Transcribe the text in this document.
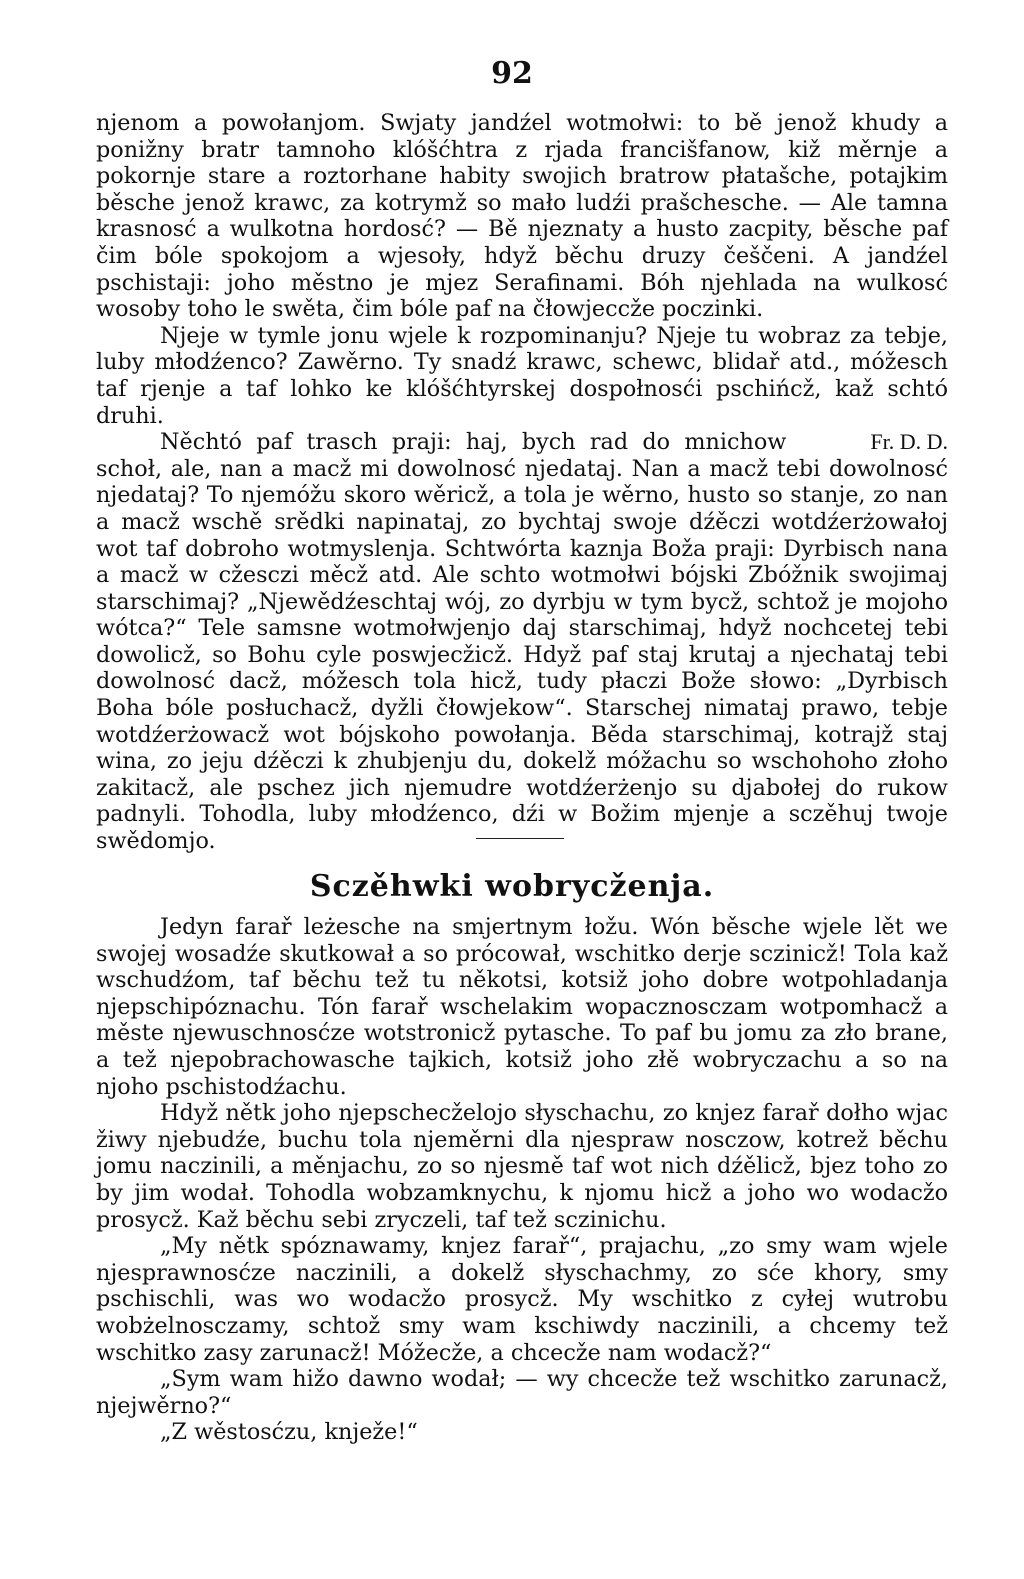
92

njenom a powołanjom. Swjaty jandźel wotmołwi: to bě jenož khudy a ponižny bratr tamnoho klóšćhtra z rjada francišfanow, kiž měrnje a pokornje stare a roztorhane habity swojich bratrow płatašche, potajkim běsche jenož krawc, za kotrymž so mało ludźi prašchesche. — Ale tamna krasnosć a wulkotna hordosć? — Bě njeznaty a husto zacpity, běsche paf čim bóle spokojom a wjesoły, hdyž běchu druzy češčeni. A jandźel pschistaji: joho městno je mjez Serafinami. Bóh njehlada na wulkosć wosoby toho le swěta, čim bóle paf na čłowjeccže poczinki.

Njeje w tymle jonu wjele k rozpominanju? Njeje tu wobraz za tebje, luby młodźenco? Zawěrno. Ty snadź krawc, schewc, blidař atd., móžesch taf rjenje a taf lohko ke klóšćhtyrskej dospołnosći pschińcž, kaž schtó druhi.

Fr. D. D.
Něchtó paf trasch praji: haj, bych rad do mnichow schoł, ale, nan a macž mi dowolnosć njedataj. Nan a macž tebi dowolnosć njedataj? To njemóžu skoro wěricž, a tola je wěrno, husto so stanje, zo nan a macž wschě srědki napinataj, zo bychtaj swoje dźěczi wotdźerżowałoj wot taf dobroho wotmyslenja. Schtwórta kaznja Boža praji: Dyrbisch nana a macž w cžesczi měcž atd. Ale schto wotmołwi bójski Zbóžnik swojimaj starschimaj? „Njewědźeschtaj wój, zo dyrbju w tym bycž, schtož je mojoho wótca?“ Tele samsne wotmołwjenjo daj starschimaj, hdyž nochcetej tebi dowolicž, so Bohu cyle poswjecžicž. Hdyž paf staj krutaj a njechataj tebi dowolnosć dacž, móžesch tola hicž, tudy płaczi Bože słowo: „Dyrbisch Boha bóle posłuchacž, dyžli čłowjekow“. Starschej nimataj prawo, tebje wotdźerżowacž wot bójskoho powołanja. Běda starschimaj, kotrajž staj wina, zo jeju dźěczi k zhubjenju du, dokelž móžachu so wschohoho złoho zakitacž, ale pschez jich njemudre wotdźerżenjo su djabołej do rukow padnyli. Tohodla, luby młodźenco, dźi w Božim mjenje a sczěhuj twoje swědomjo.

Sczěhwki wobrycženja.

Jedyn farař leżesche na smjertnym łožu. Wón běsche wjele lět we swojej wosadźe skutkował a so prócował, wschitko derje sczinicž! Tola kaž wschudźom, taf běchu tež tu někotsi, kotsiž joho dobre wotpohladanja njepschipóznachu. Tón farař wschelakim wopacznosczam wotpomhacž a měste njewuschnosćze wotstronicž pytasche. To paf bu jomu za zło brane, a tež njepobrachowasche tajkich, kotsiž joho złě wobryczachu a so na njoho pschistodźachu.

Hdyž nětk joho njepschecželojo słyschachu, zo knjez farař dołho wjac žiwy njebudźe, buchu tola njeměrni dla njespraw nosczow, kotrež běchu jomu naczinili, a měnjachu, zo so njesmě taf wot nich dźělicž, bjez toho zo by jim wodał. Tohodla wobzamknychu, k njomu hicž a joho wo wodacžo prosycž. Kaž běchu sebi zryczeli, taf tež sczinichu.

„My nětk spóznawamy, knjez farař“, prajachu, „zo smy wam wjele njesprawnosćze naczinili, a dokelž słyschachmy, zo sće khory, smy pschischli, was wo wodacžo prosycž. My wschitko z cyłej wutrobu wobżelnosczamy, schtož smy wam kschiwdy naczinili, a chcemy tež wschitko zasy zarunacž! Móžecže, a chcecže nam wodacž?“

„Sym wam hižo dawno wodał; — wy chcecže tež wschitko zarunacž, njejwěrno?“

„Z wěstosćzu, knježe!“
